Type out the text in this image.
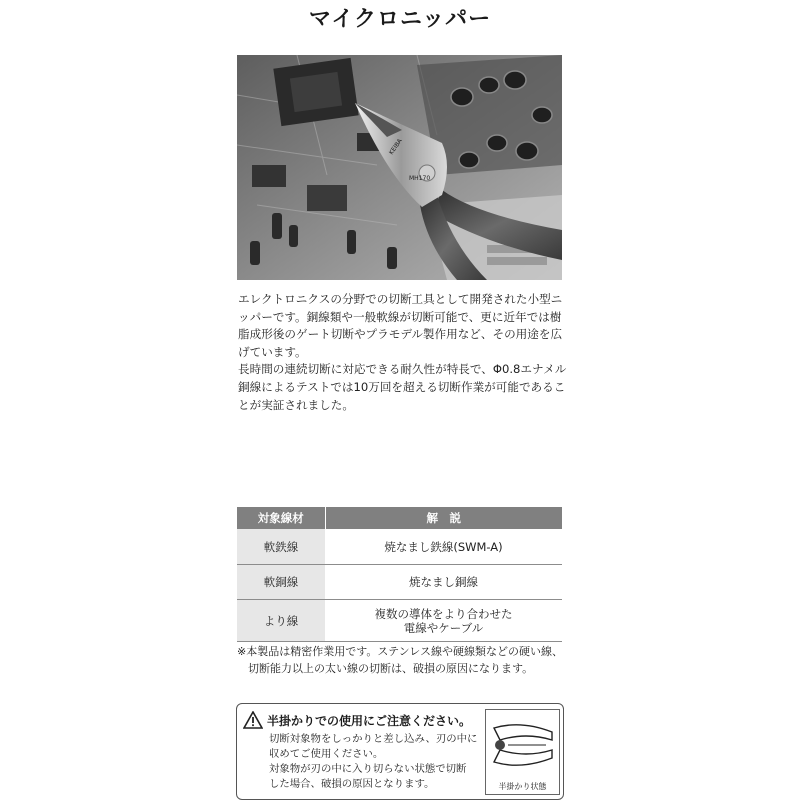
マイクロニッパー
KEIBA
MH170

エレクトロニクスの分野での切断工具として開発された小型ニッパーです。銅線類や一般軟線が切断可能で、更に近年では樹脂成形後のゲート切断やプラモデル製作用など、その用途を広げています。

長時間の連続切断に対応できる耐久性が特長で、Φ0.8エナメル銅線によるテストでは10万回を超える切断作業が可能であることが実証されました。

対象線材	解　説
軟鉄線	焼なまし鉄線(SWM-A)
軟銅線	焼なまし銅線
より線	複数の導体をより合わせた
電線やケーブル
※本製品は精密作業用です。ステンレス線や硬線類などの硬い線、
　切断能力以上の太い線の切断は、破損の原因になります。
半掛かりでの使用にご注意ください。
切断対象物をしっかりと差し込み、刃の中に
収めてご使用ください。
対象物が刃の中に入り切らない状態で切断
した場合、破損の原因となります。	半掛かり状態
